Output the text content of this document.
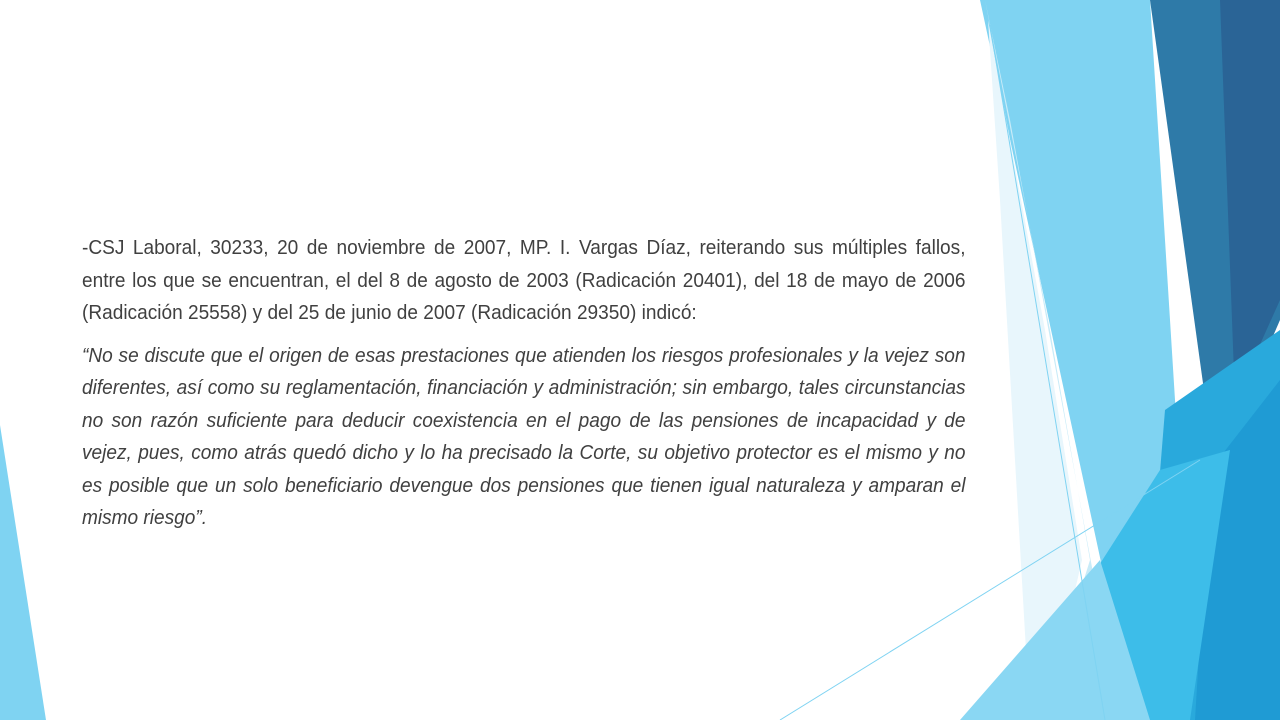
-CSJ Laboral, 30233, 20 de noviembre de 2007, MP. I. Vargas Díaz, reiterando sus múltiples fallos, entre los que se encuentran, el del 8 de agosto de 2003 (Radicación 20401), del 18 de mayo de 2006 (Radicación 25558) y del 25 de junio de 2007 (Radicación 29350) indicó:

“No se discute que el origen de esas prestaciones que atienden los riesgos profesionales y la vejez son diferentes, así como su reglamentación, financiación y administración; sin embargo, tales circunstancias no son razón suficiente para deducir coexistencia en el pago de las pensiones de incapacidad y de vejez, pues, como atrás quedó dicho y lo ha precisado la Corte, su objetivo protector es el mismo y no es posible que un solo beneficiario devengue dos pensiones que tienen igual naturaleza y amparan el mismo riesgo”.
